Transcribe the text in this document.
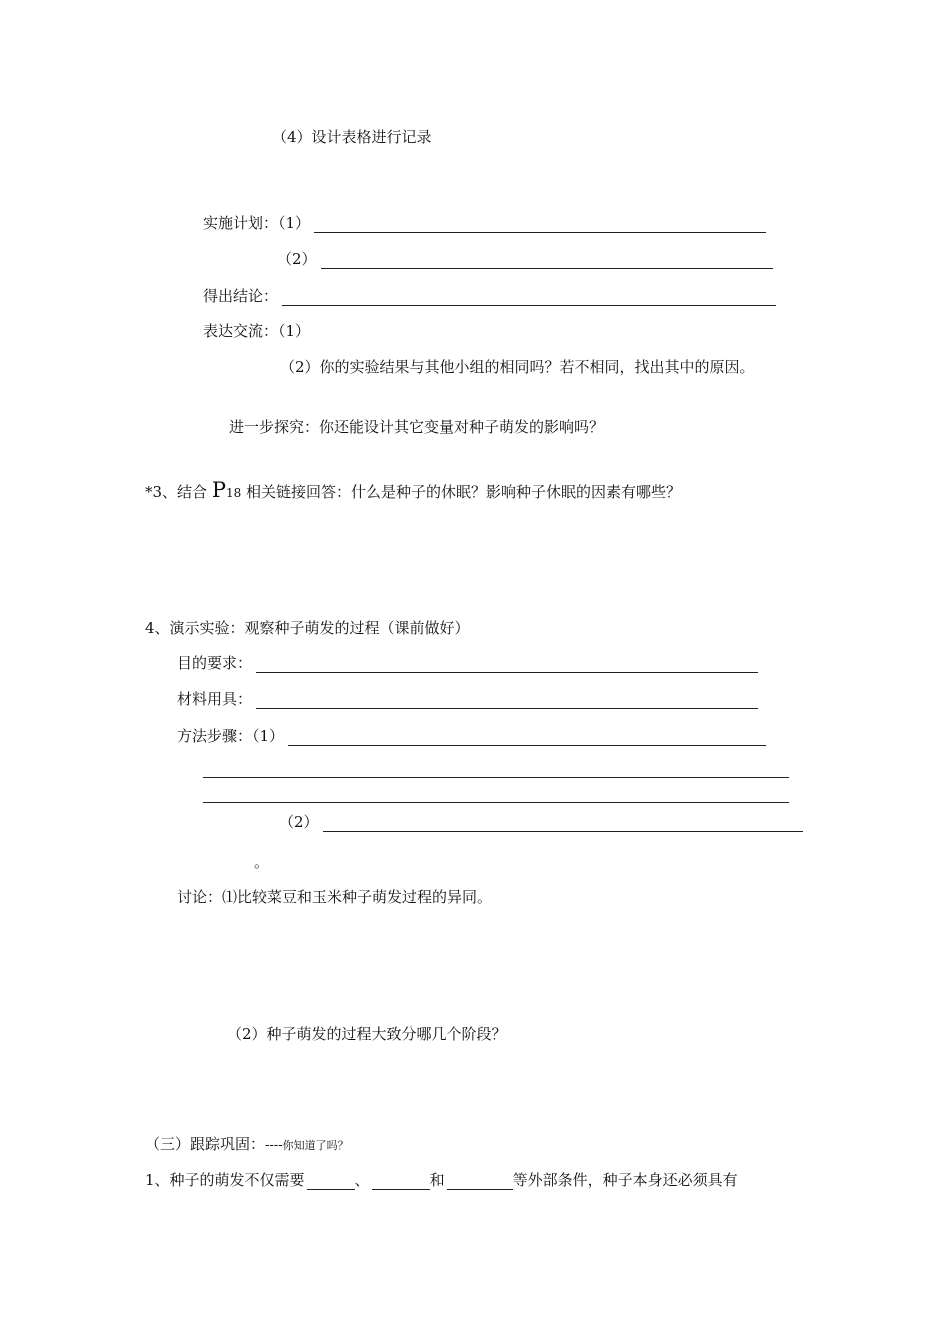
（4）设计表格进行记录
实施计划：（1）
（2）
得出结论：
表达交流：（1）
（2）你的实验结果与其他小组的相同吗？若不相同，找出其中的原因。
进一步探究：你还能设计其它变量对种子萌发的影响吗？
*3、结合 P18 相关链接回答：什么是种子的休眠？影响种子休眠的因素有哪些？
4、演示实验：观察种子萌发的过程（课前做好）
目的要求：
材料用具：
方法步骤：（1）
（2）
。
讨论：⑴比较菜豆和玉米种子萌发过程的异同。
（2）种子萌发的过程大致分哪几个阶段？
（三）跟踪巩固：----你知道了吗？
1、种子的萌发不仅需要	、	和	等外部条件，种子本身还必须具有
